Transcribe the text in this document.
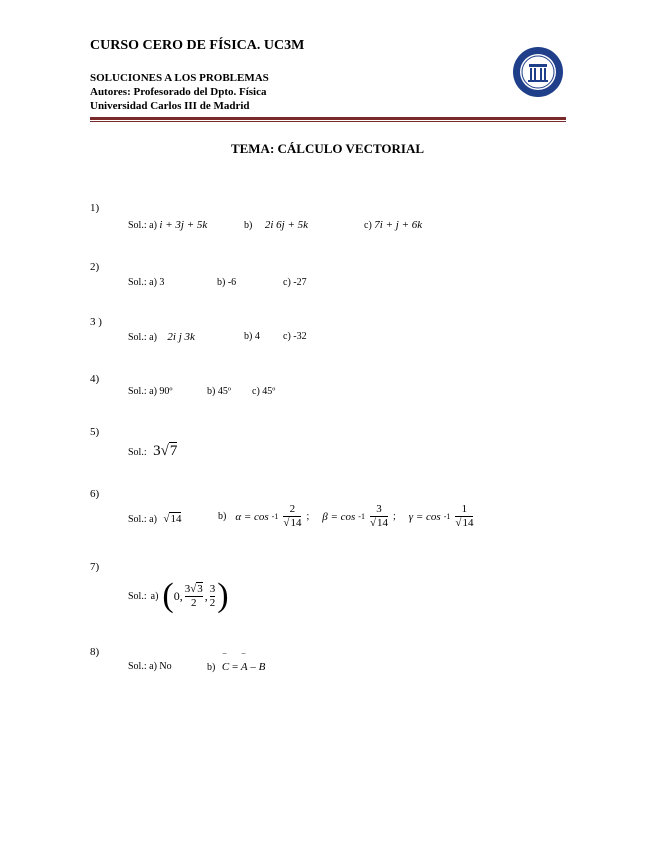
CURSO CERO DE FÍSICA. UC3M
SOLUCIONES A LOS PROBLEMAS
Autores: Profesorado del Dpto. Física
Universidad Carlos III de Madrid
TEMA: CÁLCULO VECTORIAL
1)
Sol.: a) i + 3j + 5k	b) 2i 6j + 5k	c) 7i + j + 6k
2)
Sol.: a) 3	b) -6	c) -27
3 )
Sol.: a) 2i j 3k	b) 4 c) -32
4)
Sol.: a) 90º	b) 45º c) 45º
5)
Sol.: 3√7
6)
Sol.: a) √14	b) $\alpha = \cos -1 \frac{2}{√14}$ ; $\beta = \cos -1 \frac{3}{√14}$ ; $\gamma = \cos -1 \frac{1}{√14}$
7)
Sol.: a) ( 0, $\frac{3√3}{2}$ , $\frac{3}{2}$ )
8)
Sol.: a) No	b) ‾ C = ‾ A – B
